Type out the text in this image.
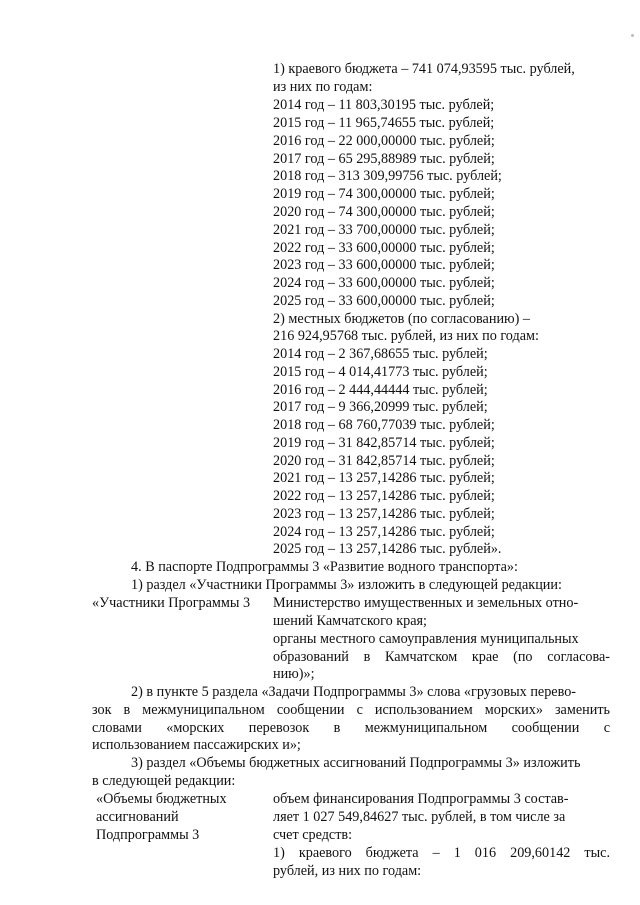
1) краевого бюджета – 741 074,93595 тыс. рублей,
из них по годам:
2014 год – 11 803,30195 тыс. рублей;
2015 год – 11 965,74655 тыс. рублей;
2016 год – 22 000,00000 тыс. рублей;
2017 год – 65 295,88989 тыс. рублей;
2018 год – 313 309,99756 тыс. рублей;
2019 год – 74 300,00000 тыс. рублей;
2020 год – 74 300,00000 тыс. рублей;
2021 год – 33 700,00000 тыс. рублей;
2022 год – 33 600,00000 тыс. рублей;
2023 год – 33 600,00000 тыс. рублей;
2024 год – 33 600,00000 тыс. рублей;
2025 год – 33 600,00000 тыс. рублей;
2) местных бюджетов (по согласованию) –
216 924,95768 тыс. рублей, из них по годам:
2014 год – 2 367,68655 тыс. рублей;
2015 год – 4 014,41773 тыс. рублей;
2016 год – 2 444,44444 тыс. рублей;
2017 год – 9 366,20999 тыс. рублей;
2018 год – 68 760,77039 тыс. рублей;
2019 год – 31 842,85714 тыс. рублей;
2020 год – 31 842,85714 тыс. рублей;
2021 год – 13 257,14286 тыс. рублей;
2022 год – 13 257,14286 тыс. рублей;
2023 год – 13 257,14286 тыс. рублей;
2024 год – 13 257,14286 тыс. рублей;
2025 год – 13 257,14286 тыс. рублей».
4. В паспорте Подпрограммы 3 «Развитие водного транспорта»:
1) раздел «Участники Программы 3» изложить в следующей редакции:
«Участники Программы 3 Министерство имущественных и земельных отно-
шений Камчатского края;
органы местного самоуправления муниципальных
образований в Камчатском крае (по согласова-
нию)»;
2) в пункте 5 раздела «Задачи Подпрограммы 3» слова «грузовых перево-
зок в межмуниципальном сообщении с использованием морских» заменить
словами «морских перевозок в межмуниципальном сообщении с
использованием пассажирских и»;
3) раздел «Объемы бюджетных ассигнований Подпрограммы 3» изложить
в следующей редакции:
«Объемы бюджетных
ассигнований
Подпрограммы 3
объем финансирования Подпрограммы 3 состав-
ляет 1 027 549,84627 тыс. рублей, в том числе за
счет средств:
1) краевого бюджета – 1 016 209,60142 тыс.
рублей, из них по годам:
